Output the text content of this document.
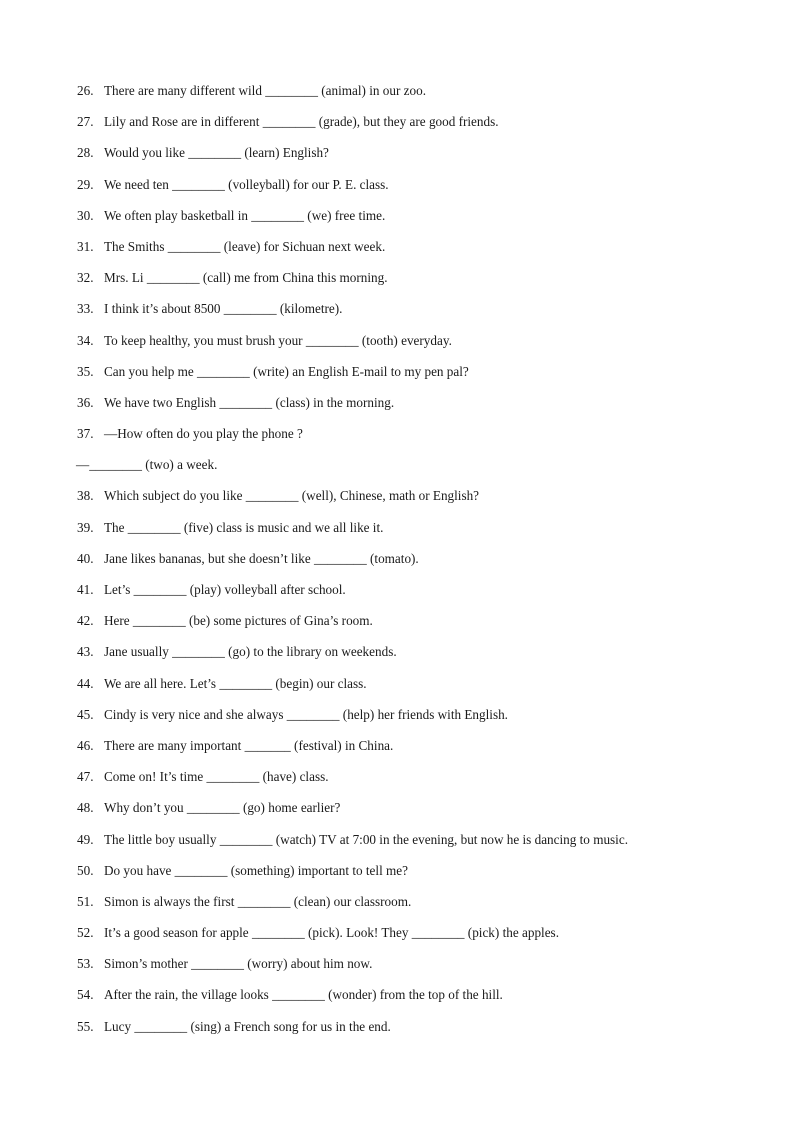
26. There are many different wild ________ (animal) in our zoo.
27. Lily and Rose are in different ________ (grade), but they are good friends.
28. Would you like ________ (learn) English?
29. We need ten ________ (volleyball) for our P. E. class.
30. We often play basketball in ________ (we) free time.
31. The Smiths ________ (leave) for Sichuan next week.
32. Mrs. Li ________ (call) me from China this morning.
33. I think it’s about 8500 ________ (kilometre).
34. To keep healthy, you must brush your ________ (tooth) everyday.
35. Can you help me ________ (write) an English E-mail to my pen pal?
36. We have two English ________ (class) in the morning.
37. —How often do you play the phone ?
—________ (two) a week.
38. Which subject do you like ________ (well), Chinese, math or English?
39. The ________ (five) class is music and we all like it.
40. Jane likes bananas, but she doesn’t like ________ (tomato).
41. Let’s ________ (play) volleyball after school.
42. Here ________ (be) some pictures of Gina’s room.
43. Jane usually ________ (go) to the library on weekends.
44. We are all here. Let’s ________ (begin) our class.
45. Cindy is very nice and she always ________ (help) her friends with English.
46. There are many important _______ (festival) in China.
47. Come on! It’s time ________ (have) class.
48. Why don’t you ________ (go) home earlier?
49. The little boy usually ________ (watch) TV at 7:00 in the evening, but now he is dancing to music.
50. Do you have ________ (something) important to tell me?
51. Simon is always the first ________ (clean) our classroom.
52. It’s a good season for apple ________ (pick). Look! They ________ (pick) the apples.
53. Simon’s mother ________ (worry) about him now.
54. After the rain, the village looks ________ (wonder) from the top of the hill.
55. Lucy ________ (sing) a French song for us in the end.
